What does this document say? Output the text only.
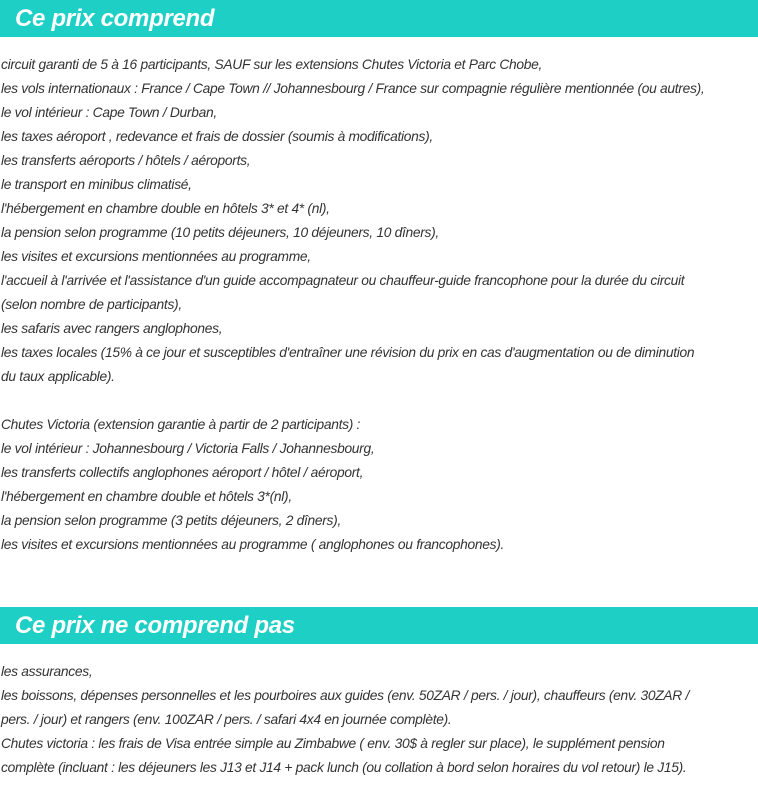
Ce prix comprend
circuit garanti de 5 à 16 participants, SAUF sur les extensions Chutes Victoria et Parc Chobe,
les vols internationaux : France / Cape Town // Johannesbourg / France sur compagnie régulière mentionnée (ou autres),
le vol intérieur : Cape Town / Durban,
les taxes aéroport , redevance et frais de dossier (soumis à modifications),
les transferts aéroports / hôtels / aéroports,
le transport en minibus climatisé,
l'hébergement en chambre double en hôtels 3* et 4* (nl),
la pension selon programme (10 petits déjeuners, 10 déjeuners, 10 dîners),
les visites et excursions mentionnées au programme,
l'accueil à l'arrivée et l'assistance d'un guide accompagnateur ou chauffeur-guide francophone pour la durée du circuit
(selon nombre de participants),
les safaris avec rangers anglophones,
les taxes locales (15% à ce jour et susceptibles d'entraîner une révision du prix en cas d'augmentation ou de diminution
du taux applicable).
Chutes Victoria (extension garantie à partir de 2 participants) :
le vol intérieur : Johannesbourg / Victoria Falls / Johannesbourg,
les transferts collectifs anglophones aéroport / hôtel / aéroport,
l'hébergement en chambre double et hôtels 3*(nl),
la pension selon programme (3 petits déjeuners, 2 dîners),
les visites et excursions mentionnées au programme ( anglophones ou francophones).
Ce prix ne comprend pas
les assurances,
les boissons, dépenses personnelles et les pourboires aux guides (env. 50ZAR / pers. / jour), chauffeurs (env. 30ZAR /
pers. / jour) et rangers (env. 100ZAR / pers. / safari 4x4 en journée complète).
Chutes victoria : les frais de Visa entrée simple au Zimbabwe ( env. 30$ à regler sur place), le supplément pension
complète (incluant : les déjeuners les J13 et J14 + pack lunch (ou collation à bord selon horaires du vol retour) le J15).
